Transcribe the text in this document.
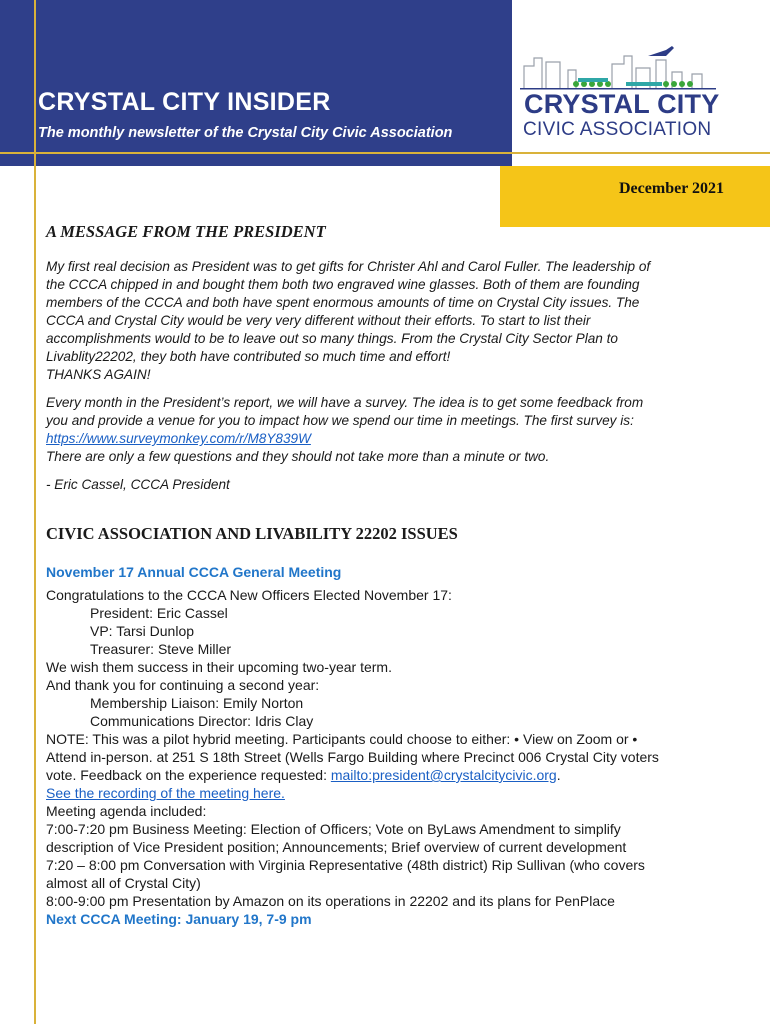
CRYSTAL CITY INSIDER
The monthly newsletter of the Crystal City Civic Association
December 2021
CRYSTAL CITY
CIVIC ASSOCIATION
A MESSAGE FROM THE PRESIDENT

My first real decision as President was to get gifts for Christer Ahl and Carol Fuller. The leadership of

the CCCA chipped in and bought them both two engraved wine glasses. Both of them are founding

members of the CCCA and both have spent enormous amounts of time on Crystal City issues. The

CCCA and Crystal City would be very very different without their efforts. To start to list their

accomplishments would to be to leave out so many things. From the Crystal City Sector Plan to

Livablity22202, they both have contributed so much time and effort!

THANKS AGAIN!

Every month in the President’s report, we will have a survey. The idea is to get some feedback from

you and provide a venue for you to impact how we spend our time in meetings. The first survey is:

https://www.surveymonkey.com/r/M8Y839W

There are only a few questions and they should not take more than a minute or two.

- Eric Cassel, CCCA President

CIVIC ASSOCIATION AND LIVABILITY 22202 ISSUES
November 17 Annual CCCA General Meeting

Congratulations to the CCCA New Officers Elected November 17:

President: Eric Cassel

VP: Tarsi Dunlop

Treasurer: Steve Miller

We wish them success in their upcoming two-year term.

And thank you for continuing a second year:

Membership Liaison: Emily Norton

Communications Director: Idris Clay

NOTE: This was a pilot hybrid meeting. Participants could choose to either: • View on Zoom or •

Attend in-person. at 251 S 18th Street (Wells Fargo Building where Precinct 006 Crystal City voters

vote. Feedback on the experience requested: mailto:president@crystalcitycivic.org.

See the recording of the meeting here.

Meeting agenda included:

7:00-7:20 pm Business Meeting: Election of Officers; Vote on ByLaws Amendment to simplify

description of Vice President position; Announcements; Brief overview of current development

7:20 – 8:00 pm Conversation with Virginia Representative (48th district) Rip Sullivan (who covers

almost all of Crystal City)

8:00-9:00 pm Presentation by Amazon on its operations in 22202 and its plans for PenPlace

Next CCCA Meeting: January 19, 7-9 pm
